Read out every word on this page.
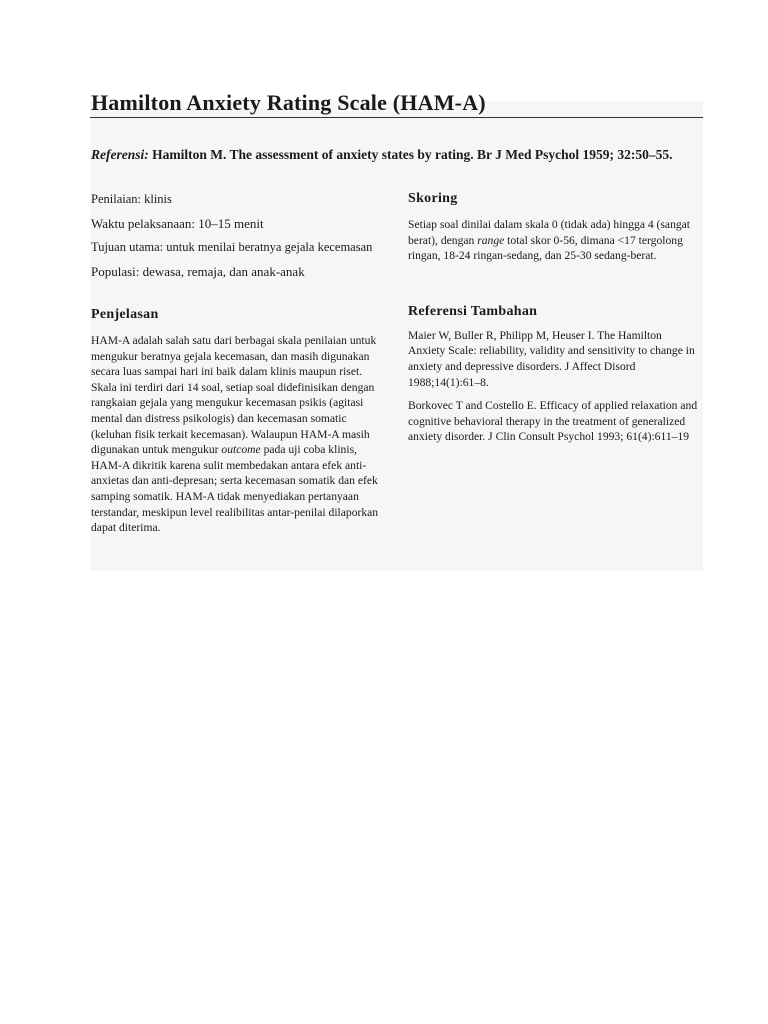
Hamilton Anxiety Rating Scale (HAM-A)

Referensi: Hamilton M. The assessment of anxiety states by rating. Br J Med Psychol 1959; 32:50–55.

Penilaian: klinis

Waktu pelaksanaan: 10–15 menit

Tujuan utama: untuk menilai beratnya gejala kecemasan

Populasi: dewasa, remaja, dan anak-anak

Penjelasan

HAM-A adalah salah satu dari berbagai skala penilaian untuk mengukur beratnya gejala kecemasan, dan masih digunakan secara luas sampai hari ini baik dalam klinis maupun riset. Skala ini terdiri dari 14 soal, setiap soal didefinisikan dengan rangkaian gejala yang mengukur kecemasan psikis (agitasi mental dan distress psikologis) dan kecemasan somatic (keluhan fisik terkait kecemasan). Walaupun HAM-A masih digunakan untuk mengukur outcome pada uji coba klinis, HAM-A dikritik karena sulit membedakan antara efek anti-anxietas dan anti-depresan; serta kecemasan somatik dan efek samping somatik. HAM-A tidak menyediakan pertanyaan terstandar, meskipun level realibilitas antar-penilai dilaporkan dapat diterima.

Skoring

Setiap soal dinilai dalam skala 0 (tidak ada) hingga 4 (sangat berat), dengan range total skor 0-56, dimana <17 tergolong ringan, 18-24 ringan-sedang, dan 25-30 sedang-berat.

Referensi Tambahan

Maier W, Buller R, Philipp M, Heuser I. The Hamilton Anxiety Scale: reliability, validity and sensitivity to change in anxiety and depressive disorders. J Affect Disord 1988;14(1):61–8.

Borkovec T and Costello E. Efficacy of applied relaxation and cognitive behavioral therapy in the treatment of generalized anxiety disorder. J Clin Consult Psychol 1993; 61(4):611–19
